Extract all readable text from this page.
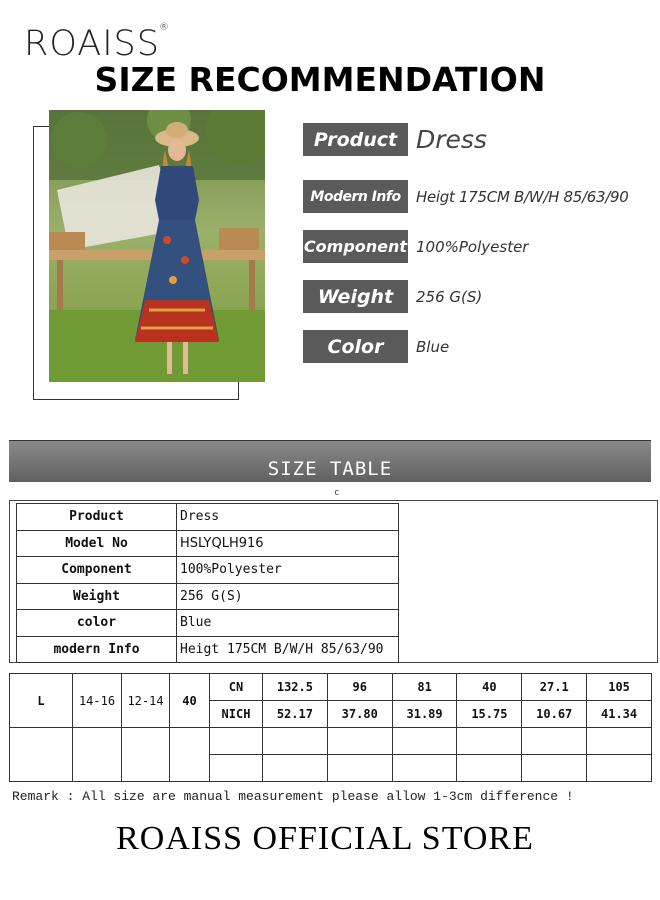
ROAISS ®
SIZE RECOMMENDATION
Product Dress
Modern Info	Heigt 175CM B/W/H 85/63/90
Component 100%Polyester
Weight	256 G(S)
Color	Blue
SIZE TABLE
c
Product	Dress
Model No	HSLYQLH916
Component	100%Polyester
Weight	256 G(S)
color	Blue
modern Info	Heigt 175CM B/W/H 85/63/90
L	14-16	12-14	40	CN	132.5	96	81	40	27.1	105
				NICH	52.17	37.80	31.89	15.75	10.67	41.34

Remark : All size are manual measurement please allow 1-3cm difference !
ROAISS OFFICIAL STORE
